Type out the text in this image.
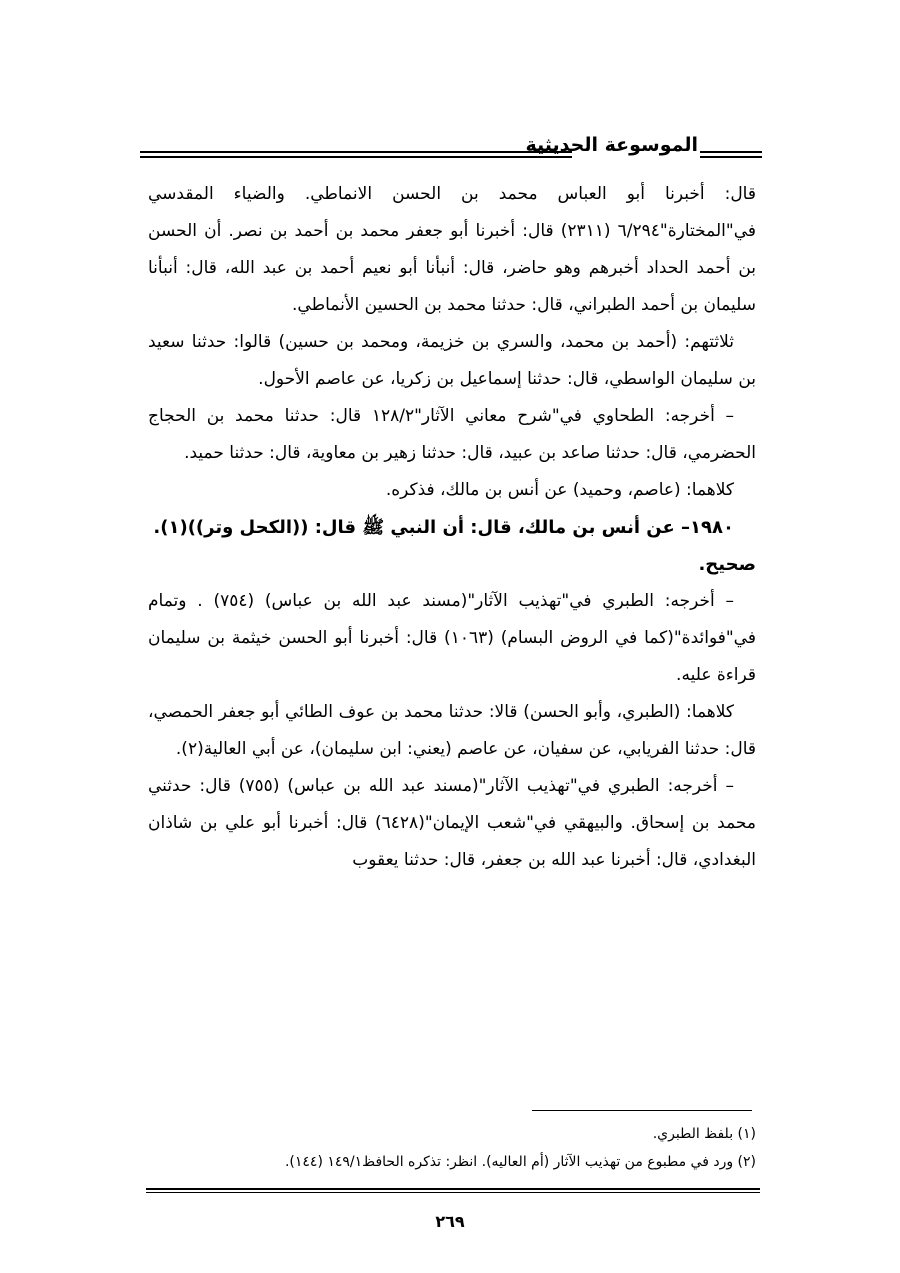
الموسوعة الحديثية

قال: أخبرنا أبو العباس محمد بن الحسن الانماطي. والضياء المقدسي في"المختارة"٦/٢٩٤ (٢٣١١) قال: أخبرنا أبو جعفر محمد بن أحمد بن نصر. أن الحسن بن أحمد الحداد أخبرهم وهو حاضر، قال: أنبأنا أبو نعيم أحمد بن عبد الله، قال: أنبأنا سليمان بن أحمد الطبراني، قال: حدثنا محمد بن الحسين الأنماطي.

ثلاثتهم: (أحمد بن محمد، والسري بن خزيمة، ومحمد بن حسين) قالوا: حدثنا سعيد بن سليمان الواسطي، قال: حدثنا إسماعيل بن زكريا، عن عاصم الأحول.

– أخرجه: الطحاوي في"شرح معاني الآثار"١٢٨/٢ قال: حدثنا محمد بن الحجاج الحضرمي، قال: حدثنا صاعد بن عبيد، قال: حدثنا زهير بن معاوية، قال: حدثنا حميد.

كلاهما: (عاصم، وحميد) عن أنس بن مالك، فذكره.

١٩٨٠– عن أنس بن مالك، قال: أن النبي ﷺ قال: ((الكحل وتر))(١).

صحيح.

– أخرجه: الطبري في"تهذيب الآثار"(مسند عبد الله بن عباس) (٧٥٤) . وتمام في"فوائدة"(كما في الروض البسام) (١٠٦٣) قال: أخبرنا أبو الحسن خيثمة بن سليمان قراءة عليه.

كلاهما: (الطبري، وأبو الحسن) قالا: حدثنا محمد بن عوف الطائي أبو جعفر الحمصي، قال: حدثنا الفريابي، عن سفيان، عن عاصم (يعني: ابن سليمان)، عن أبي العالية(٢).

– أخرجه: الطبري في"تهذيب الآثار"(مسند عبد الله بن عباس) (٧٥٥) قال: حدثني محمد بن إسحاق. والبيهقي في"شعب الإيمان"(٦٤٢٨) قال: أخبرنا أبو علي بن شاذان البغدادي، قال: أخبرنا عبد الله بن جعفر، قال: حدثنا يعقوب

(١) بلفظ الطبري.

(٢) ورد في مطبوع من تهذيب الآثار (أم العاليه). انظر: تذكره الحافظ١٤٩/١ (١٤٤).

٢٦٩
